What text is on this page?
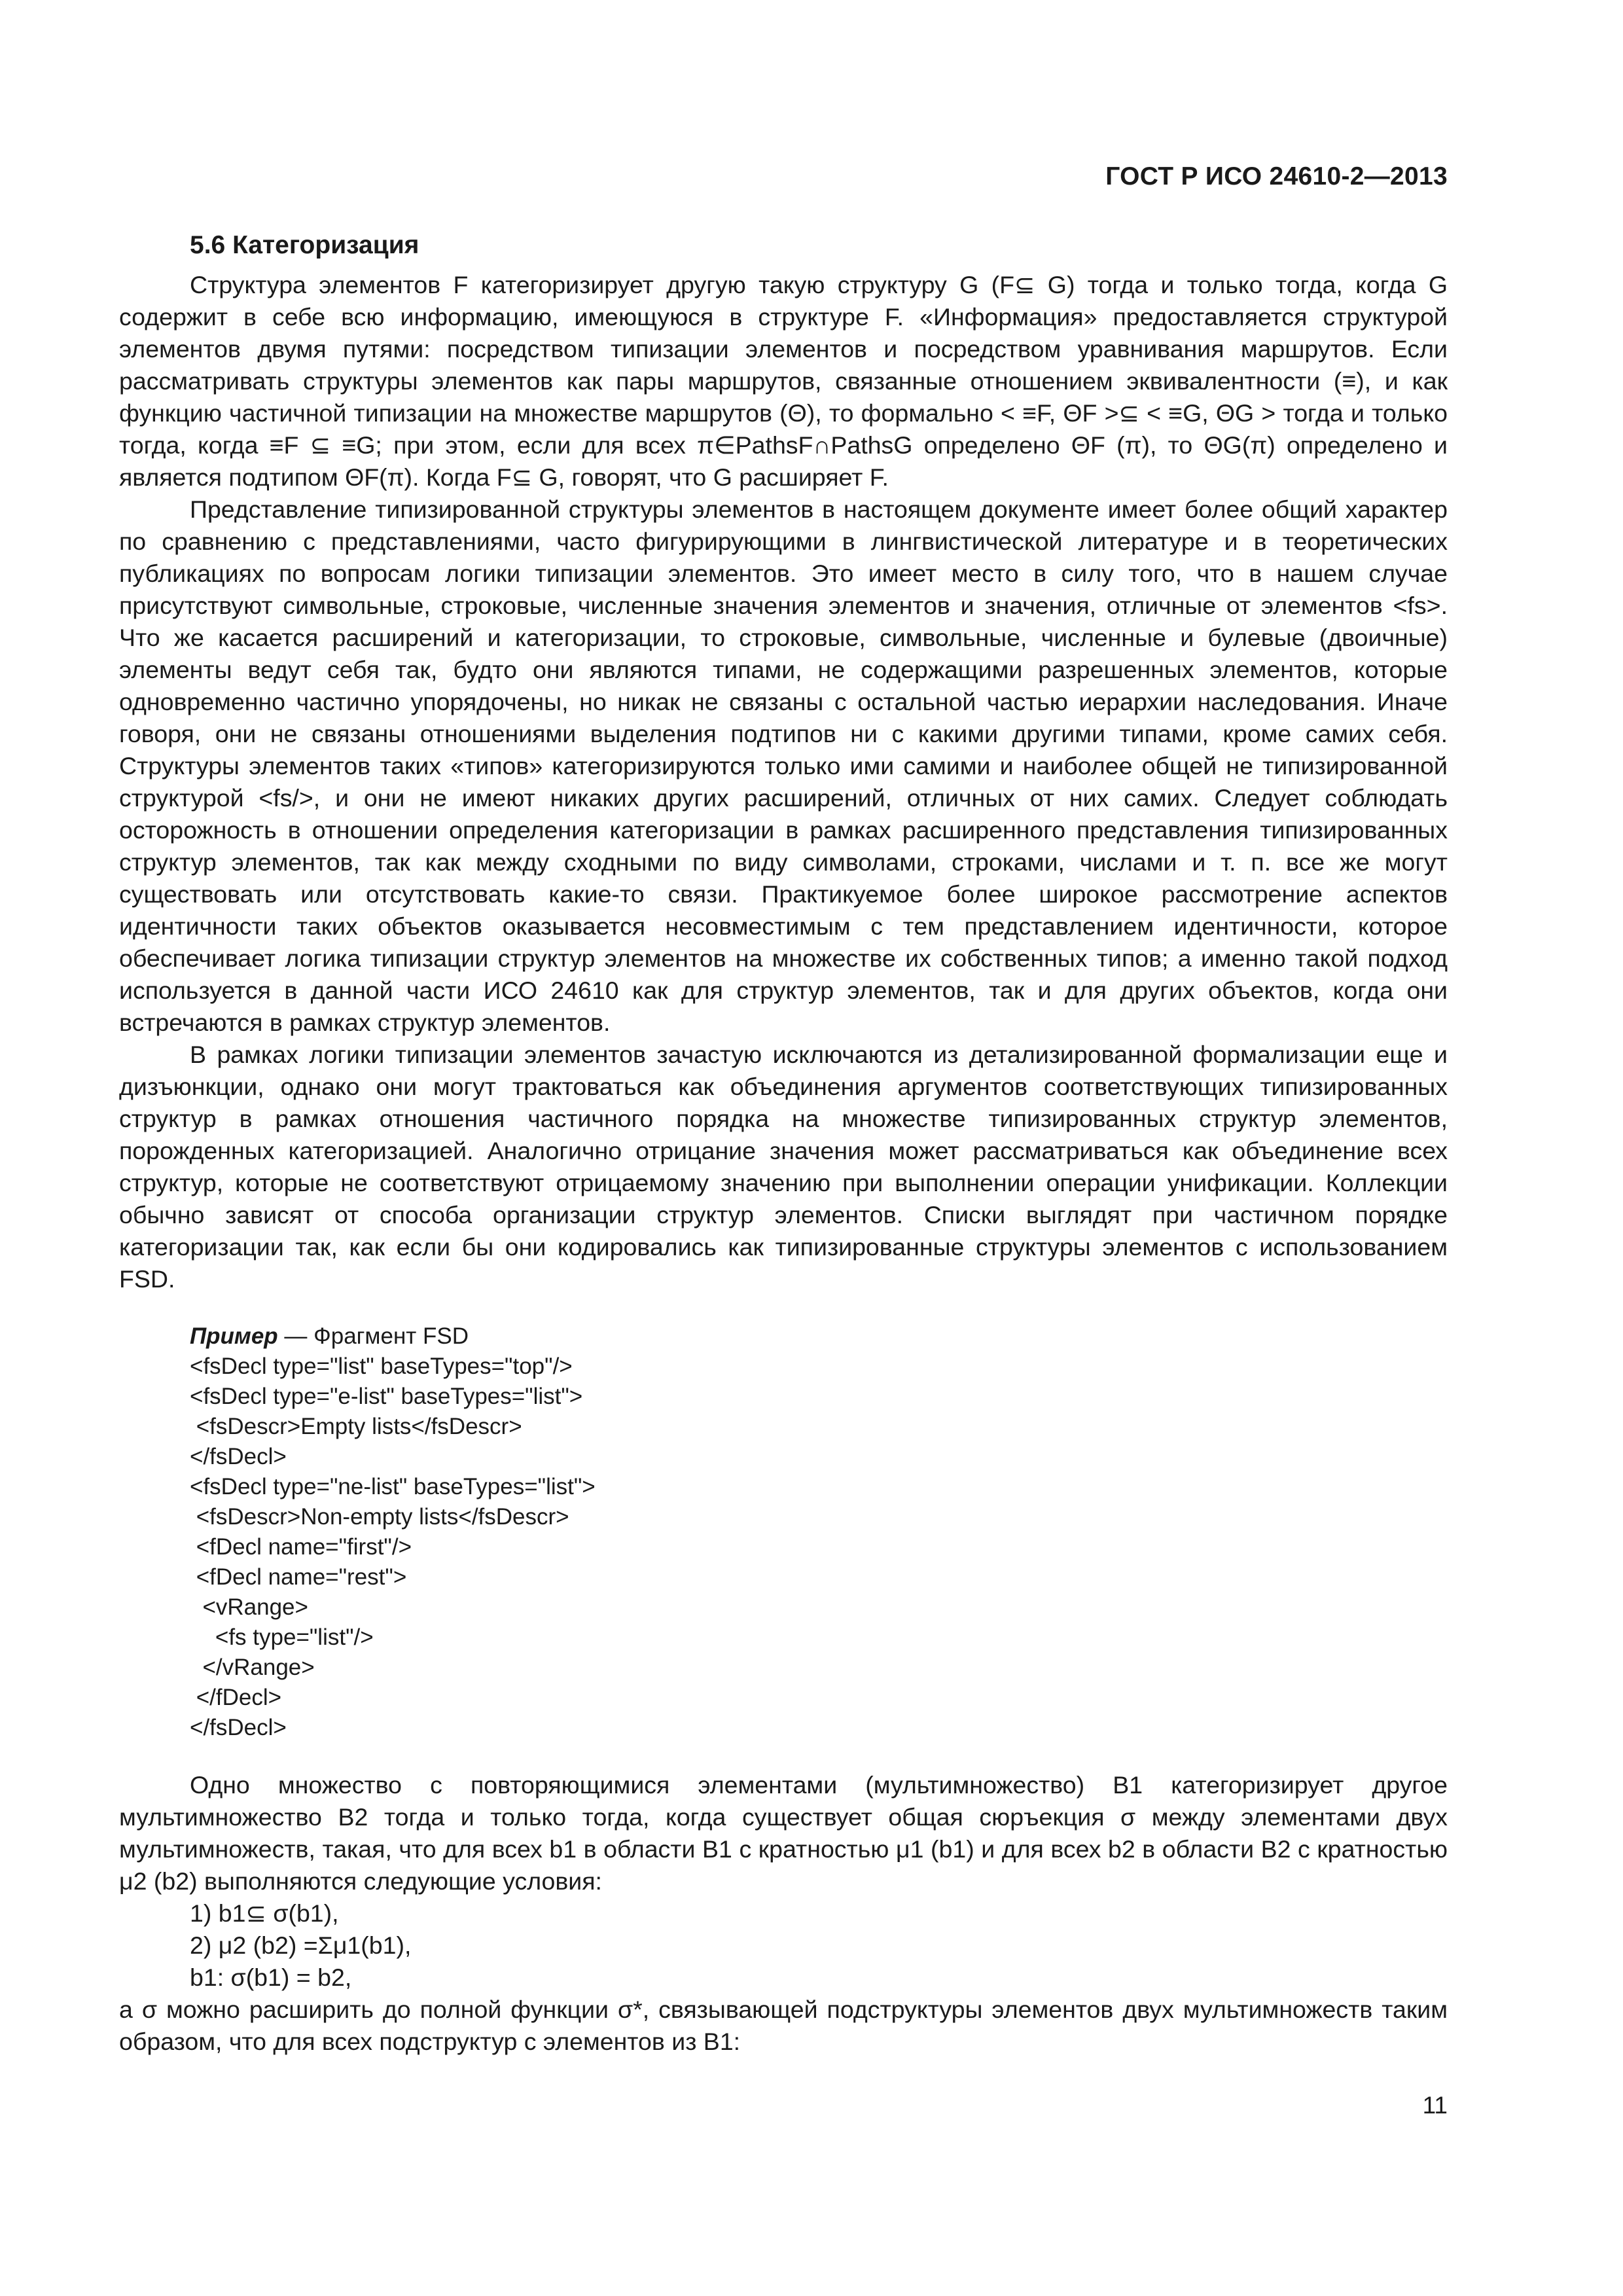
ГОСТ Р ИСО 24610-2—2013
5.6 Категоризация

Структура элементов F категоризирует другую такую структуру G (F⊆ G) тогда и только тогда, когда G содержит в себе всю информацию, имеющуюся в структуре F. «Информация» предоставляется структурой элементов двумя путями: посредством типизации элементов и посредством уравнивания маршрутов. Если рассматривать структуры элементов как пары маршрутов, связанные отношением эквивалентности (≡), и как функцию частичной типизации на множестве маршрутов (Θ), то формально < ≡F, ΘF >⊆ < ≡G, ΘG > тогда и только тогда, когда ≡F ⊆ ≡G; при этом, если для всех π∈PathsF∩PathsG определено ΘF (π), то ΘG(π) определено и является подтипом ΘF(π). Когда F⊆ G, говорят, что G расширяет F.

Представление типизированной структуры элементов в настоящем документе имеет более общий характер по сравнению с представлениями, часто фигурирующими в лингвистической литературе и в теоретических публикациях по вопросам логики типизации элементов. Это имеет место в силу того, что в нашем случае присутствуют символьные, строковые, численные значения элементов и значения, отличные от элементов <fs>. Что же касается расширений и категоризации, то строковые, символьные, численные и булевые (двоичные) элементы ведут себя так, будто они являются типами, не содержащими разрешенных элементов, которые одновременно частично упорядочены, но никак не связаны с остальной частью иерархии наследования. Иначе говоря, они не связаны отношениями выделения подтипов ни с какими другими типами, кроме самих себя. Структуры элементов таких «типов» категоризируются только ими самими и наиболее общей не типизированной структурой <fs/>, и они не имеют никаких других расширений, отличных от них самих. Следует соблюдать осторожность в отношении определения категоризации в рамках расширенного представления типизированных структур элементов, так как между сходными по виду символами, строками, числами и т. п. все же могут существовать или отсутствовать какие-то связи. Практикуемое более широкое рассмотрение аспектов идентичности таких объектов оказывается несовместимым с тем представлением идентичности, которое обеспечивает логика типизации структур элементов на множестве их собственных типов; а именно такой подход используется в данной части ИСО 24610 как для структур элементов, так и для других объектов, когда они встречаются в рамках структур элементов.

В рамках логики типизации элементов зачастую исключаются из детализированной формализации еще и дизъюнкции, однако они могут трактоваться как объединения аргументов соответствующих типизированных структур в рамках отношения частичного порядка на множестве типизированных структур элементов, порожденных категоризацией. Аналогично отрицание значения может рассматриваться как объединение всех структур, которые не соответствуют отрицаемому значению при выполнении операции унификации. Коллекции обычно зависят от способа организации структур элементов. Списки выглядят при частичном порядке категоризации так, как если бы они кодировались как типизированные структуры элементов с использованием FSD.

Пример — Фрагмент FSD
<fsDecl type="list" baseTypes="top"/>
<fsDecl type="e-list" baseTypes="list">
<fsDescr>Empty lists</fsDescr>
</fsDecl>
<fsDecl type="ne-list" baseTypes="list">
<fsDescr>Non-empty lists</fsDescr>
<fDecl name="first"/>
<fDecl name="rest">
<vRange>
<fs type="list"/>
</vRange>
</fDecl>
</fsDecl>

Одно множество с повторяющимися элементами (мультимножество) B1 категоризирует другое мультимножество B2 тогда и только тогда, когда существует общая сюръекция σ между элементами двух мультимножеств, такая, что для всех b1 в области B1 с кратностью μ1 (b1) и для всех b2 в области B2 с кратностью μ2 (b2) выполняются следующие условия:

1) b1⊆ σ(b1),
2) μ2 (b2) =Σμ1(b1),
b1: σ(b1) = b2,

а σ можно расширить до полной функции σ*, связывающей подструктуры элементов двух мультимножеств таким образом, что для всех подструктур c элементов из B1:

11
